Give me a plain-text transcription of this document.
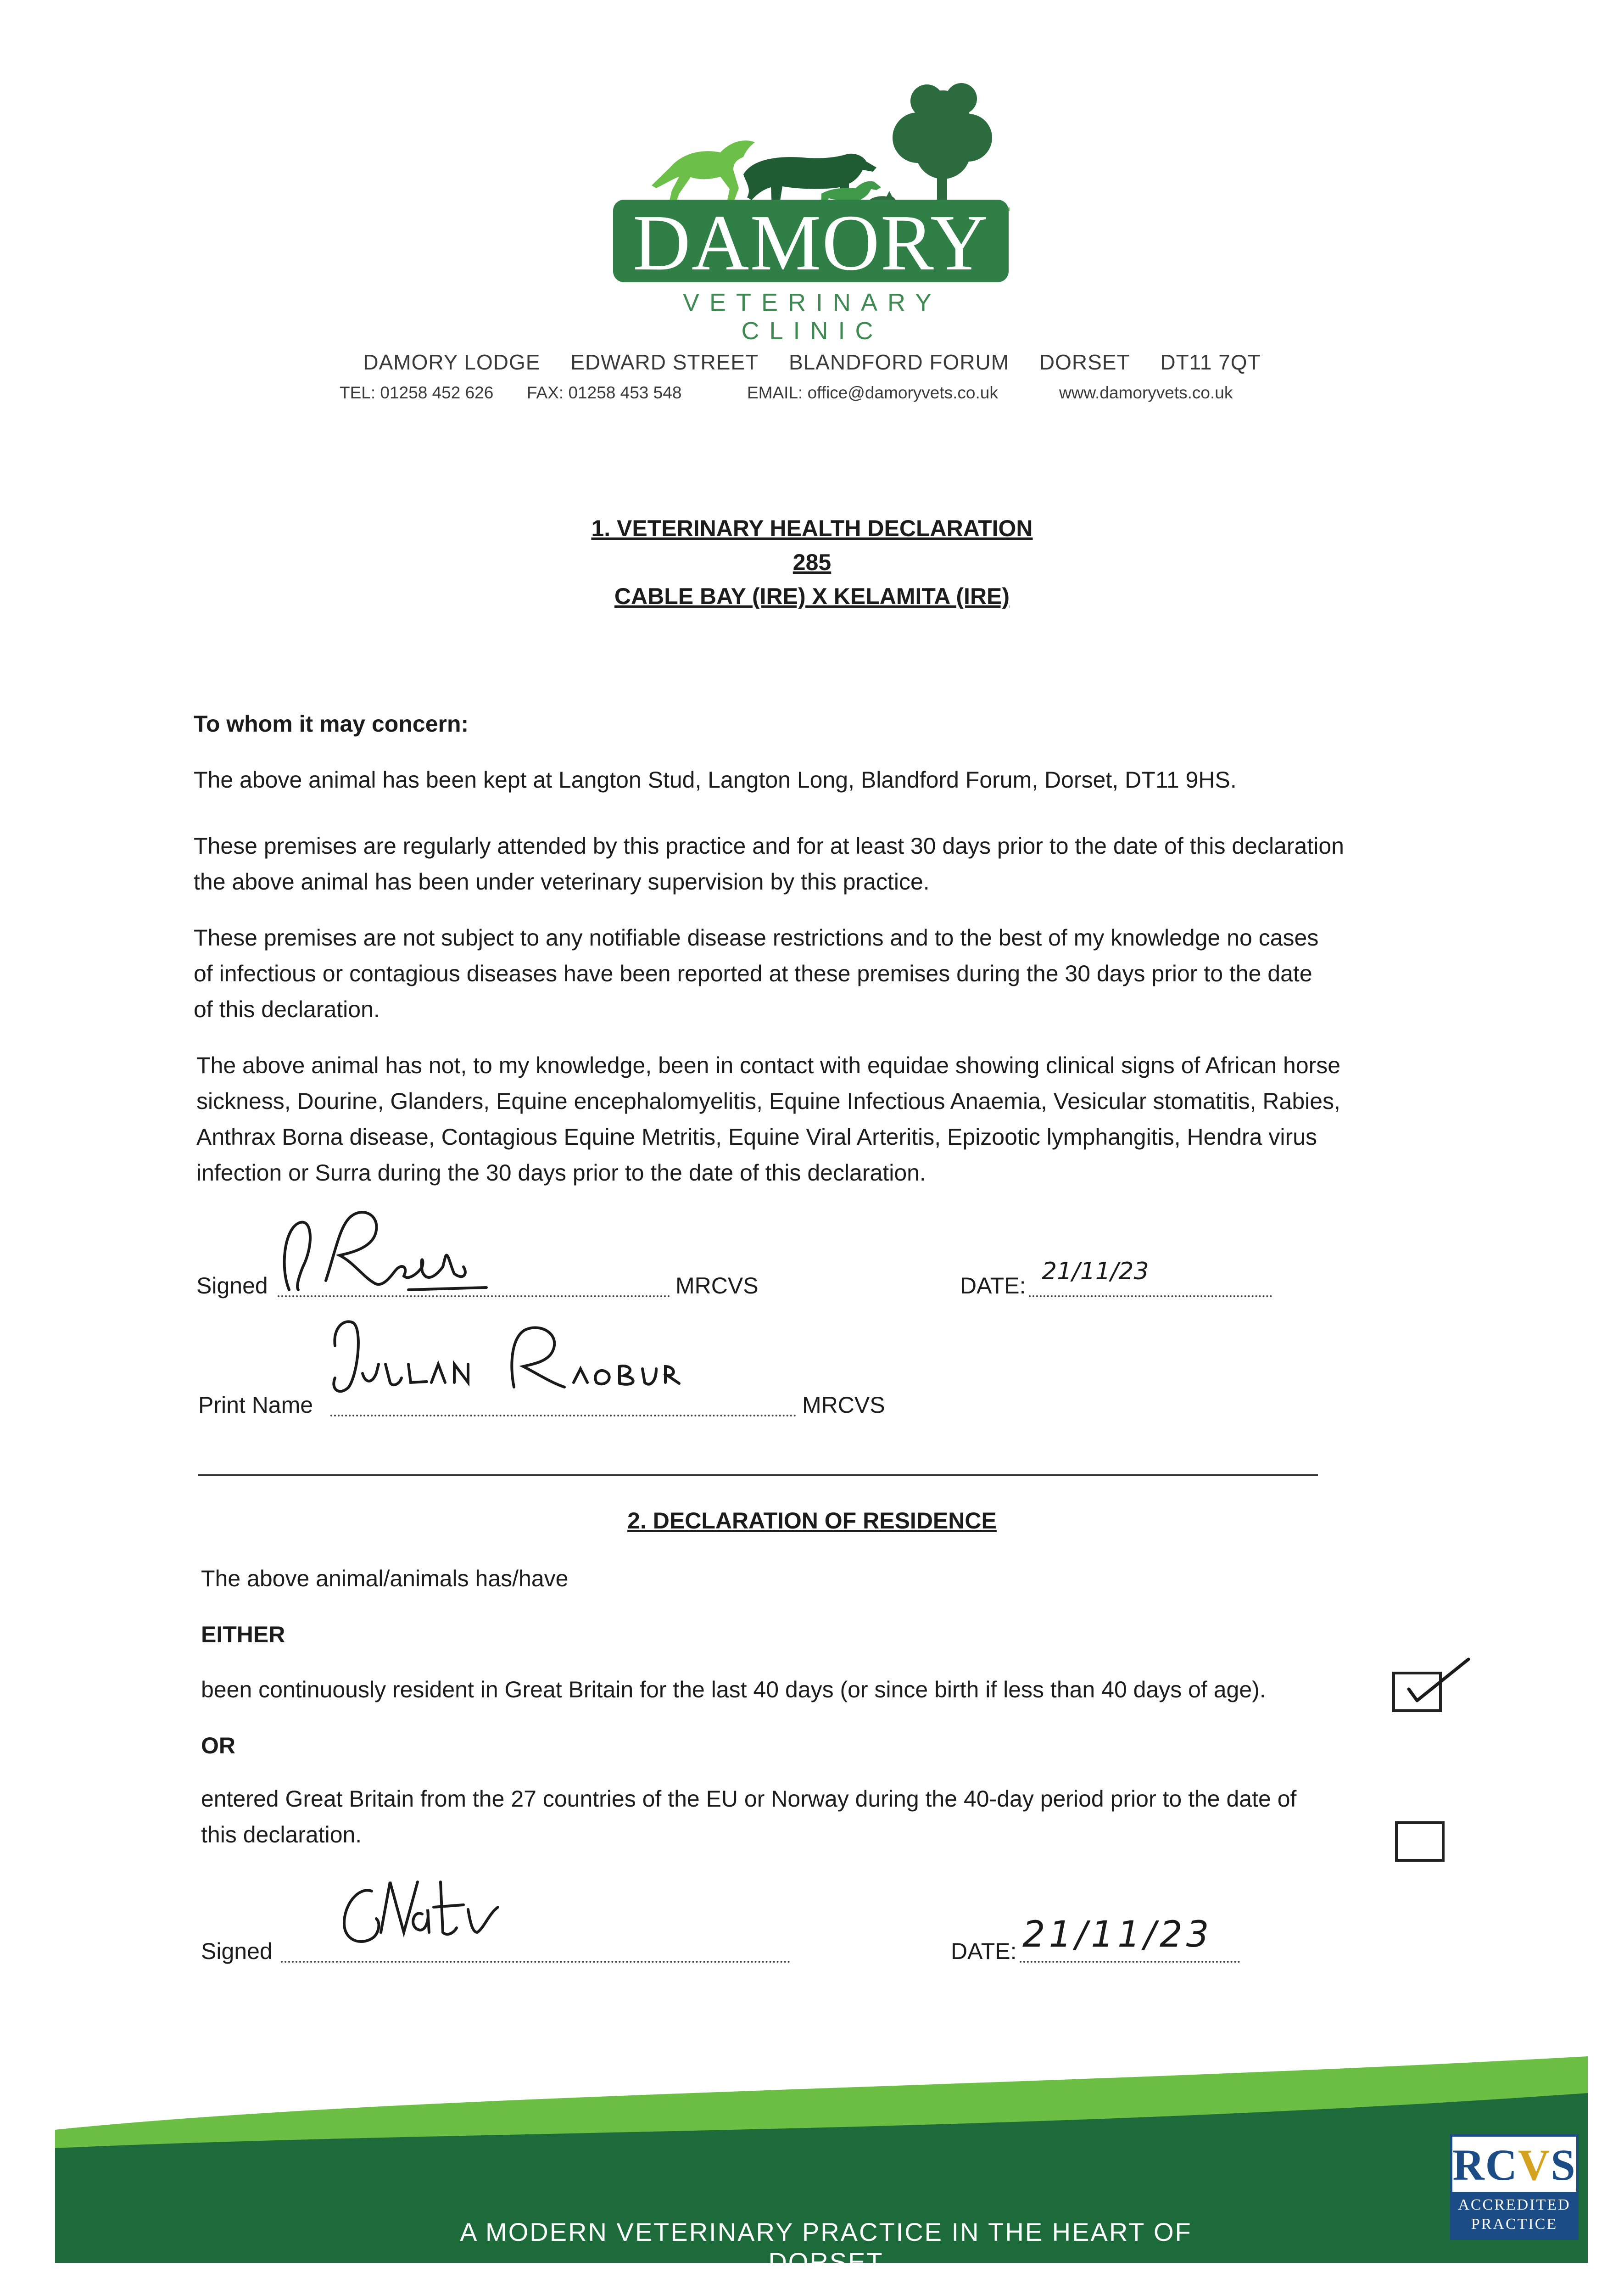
DAMORY
VETERINARY CLINIC
DAMORY LODGE EDWARD STREET BLANDFORD FORUM DORSET DT11 7QT
TEL: 01258 452 626 FAX: 01258 453 548	EMAIL: office@damoryvets.co.uk	www.damoryvets.co.uk
1. VETERINARY HEALTH DECLARATION
285
CABLE BAY (IRE) X KELAMITA (IRE)
To whom it may concern:
The above animal has been kept at Langton Stud, Langton Long, Blandford Forum, Dorset, DT11 9HS.
These premises are regularly attended by this practice and for at least 30 days prior to the date of this declaration
the above animal has been under veterinary supervision by this practice.
These premises are not subject to any notifiable disease restrictions and to the best of my knowledge no cases
of infectious or contagious diseases have been reported at these premises during the 30 days prior to the date
of this declaration.
The above animal has not, to my knowledge, been in contact with equidae showing clinical signs of African horse
sickness, Dourine, Glanders, Equine encephalomyelitis, Equine Infectious Anaemia, Vesicular stomatitis, Rabies,
Anthrax Borna disease, Contagious Equine Metritis, Equine Viral Arteritis, Epizootic lymphangitis, Hendra virus
infection or Surra during the 30 days prior to the date of this declaration.
Signed	MRCVS	DATE:
21/11/23
Print Name	MRCVS
2. DECLARATION OF RESIDENCE
The above animal/animals has/have
EITHER
been continuously resident in Great Britain for the last 40 days (or since birth if less than 40 days of age).
OR
entered Great Britain from the 27 countries of the EU or Norway during the 40-day period prior to the date of
this declaration.
Signed	DATE: 21/11/23
A MODERN VETERINARY PRACTICE IN THE HEART OF DORSET
RCVS
ACCREDITED
PRACTICE
